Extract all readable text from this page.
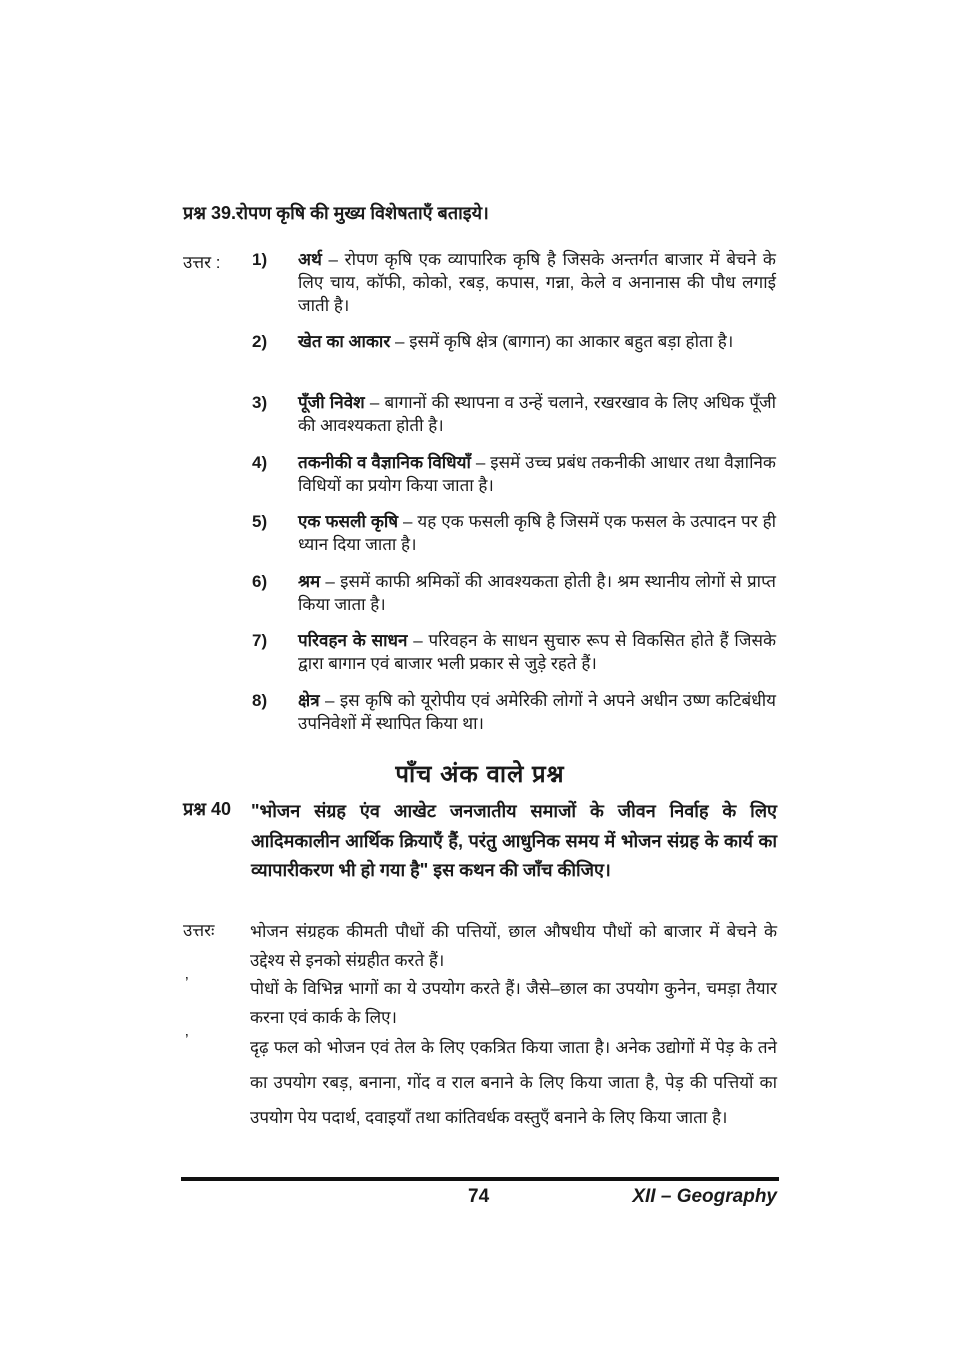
प्रश्न 39.रोपण कृषि की मुख्य विशेषताएँ बताइये।
उत्तर : 1) अर्थ – रोपण कृषि एक व्यापारिक कृषि है जिसके अन्तर्गत बाजार में बेचने के लिए चाय, कॉफी, कोको, रबड़, कपास, गन्ना, केले व अनानास की पौध लगाई जाती है।
2) खेत का आकार – इसमें कृषि क्षेत्र (बागान) का आकार बहुत बड़ा होता है।
3) पूँजी निवेश – बागानों की स्थापना व उन्हें चलाने, रखरखाव के लिए अधिक पूँजी की आवश्यकता होती है।
4) तकनीकी व वैज्ञानिक विधियाँ – इसमें उच्च प्रबंध तकनीकी आधार तथा वैज्ञानिक विधियों का प्रयोग किया जाता है।
5) एक फसली कृषि – यह एक फसली कृषि है जिसमें एक फसल के उत्पादन पर ही ध्यान दिया जाता है।
6) श्रम – इसमें काफी श्रमिकों की आवश्यकता होती है। श्रम स्थानीय लोगों से प्राप्त किया जाता है।
7) परिवहन के साधन – परिवहन के साधन सुचारु रूप से विकसित होते हैं जिसके द्वारा बागान एवं बाजार भली प्रकार से जुड़े रहते हैं।
8) क्षेत्र – इस कृषि को यूरोपीय एवं अमेरिकी लोगों ने अपने अधीन उष्ण कटिबंधीय उपनिवेशों में स्थापित किया था।
पाँच अंक वाले प्रश्न
प्रश्न 40 "भोजन संग्रह एंव आखेट जनजातीय समाजों के जीवन निर्वाह के लिए आदिमकालीन आर्थिक क्रियाएँ हैं, परंतु आधुनिक समय में भोजन संग्रह के कार्य का व्यापारीकरण भी हो गया है" इस कथन की जाँच कीजिए।
उत्तरः भोजन संग्रहक कीमती पौधों की पत्तियों, छाल औषधीय पौधों को बाजार में बेचने के उद्देश्य से इनको संग्रहीत करते हैं।
’	पोधों के विभिन्न भागों का ये उपयोग करते हैं। जैसे–छाल का उपयोग कुनेन, चमड़ा तैयार करना एवं कार्क के लिए।
’	दृढ़ फल को भोजन एवं तेल के लिए एकत्रित किया जाता है। अनेक उद्योगों में पेड़ के तने का उपयोग रबड़, बनाना, गोंद व राल बनाने के लिए किया जाता है, पेड़ की पत्तियों का उपयोग पेय पदार्थ, दवाइयाँ तथा कांतिवर्धक वस्तुएँ बनाने के लिए किया जाता है।
74	XII – Geography
